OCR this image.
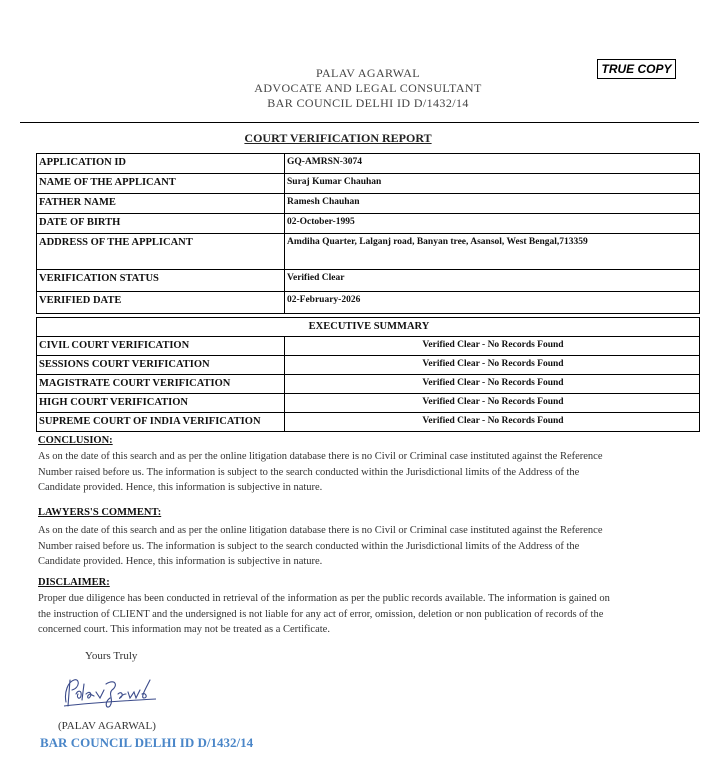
TRUE COPY
PALAV AGARWAL
ADVOCATE AND LEGAL CONSULTANT
BAR COUNCIL DELHI ID D/1432/14
COURT VERIFICATION REPORT
APPLICATION ID	GQ-AMRSN-3074
NAME OF THE APPLICANT	Suraj Kumar Chauhan
FATHER NAME	Ramesh Chauhan
DATE OF BIRTH	02-October-1995
ADDRESS OF THE APPLICANT	Amdiha Quarter, Lalganj road, Banyan tree, Asansol, West Bengal,713359
VERIFICATION STATUS	Verified Clear
VERIFIED DATE	02-February-2026
EXECUTIVE SUMMARY	
CIVIL COURT VERIFICATION	Verified Clear - No Records Found
SESSIONS COURT VERIFICATION	Verified Clear - No Records Found
MAGISTRATE COURT VERIFICATION	Verified Clear - No Records Found
HIGH COURT VERIFICATION	Verified Clear - No Records Found
SUPREME COURT OF INDIA VERIFICATION	Verified Clear - No Records Found
CONCLUSION:
As on the date of this search and as per the online litigation database there is no Civil or Criminal case instituted against the Reference
Number raised before us. The information is subject to the search conducted within the Jurisdictional limits of the Address of the
Candidate provided. Hence, this information is subjective in nature.
LAWYERS'S COMMENT:
As on the date of this search and as per the online litigation database there is no Civil or Criminal case instituted against the Reference
Number raised before us. The information is subject to the search conducted within the Jurisdictional limits of the Address of the
Candidate provided. Hence, this information is subjective in nature.
DISCLAIMER:
Proper due diligence has been conducted in retrieval of the information as per the public records available. The information is gained on
the instruction of CLIENT and the undersigned is not liable for any act of error, omission, deletion or non publication of records of the
concerned court. This information may not be treated as a Certificate.
Yours Truly
(PALAV AGARWAL)
BAR COUNCIL DELHI ID D/1432/14
